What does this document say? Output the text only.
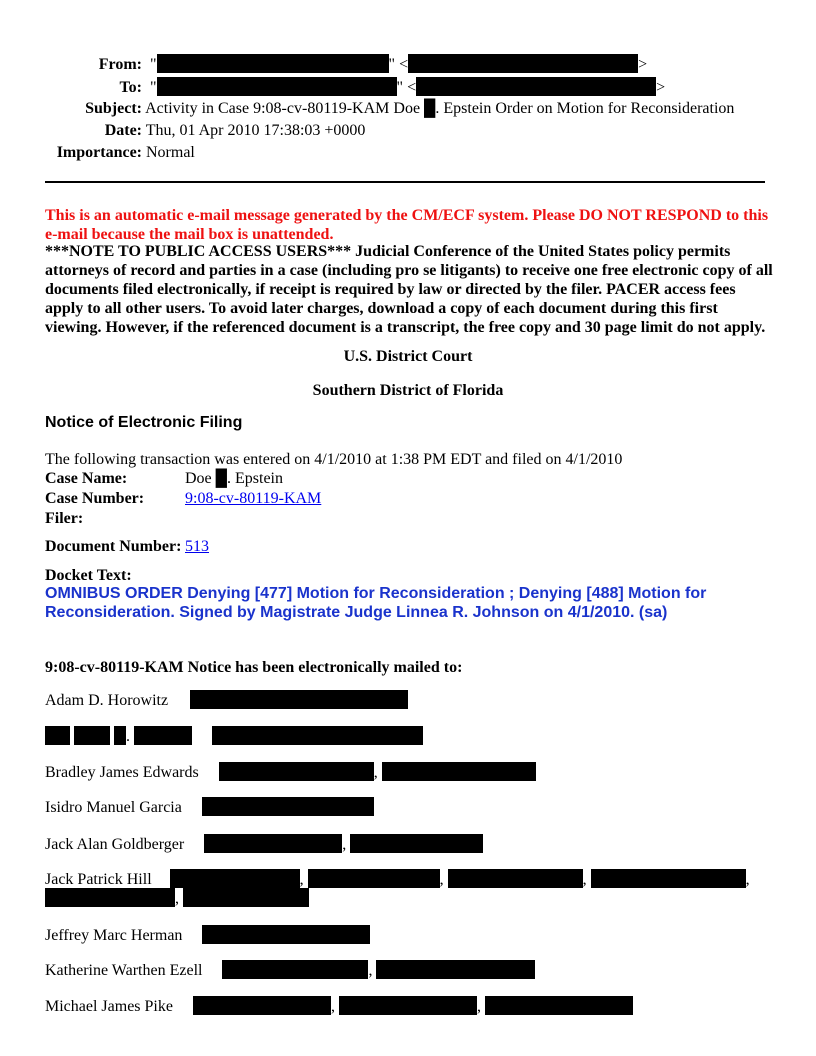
From:  "	" <	>
To:  "	" <	>
Subject: Activity in Case 9:08-cv-80119-KAM Doe █. Epstein Order on Motion for Reconsideration
Date: Thu, 01 Apr 2010 17:38:03 +0000
Importance: Normal
This is an automatic e-mail message generated by the CM/ECF system. Please DO NOT RESPOND to this e-mail because the mail box is unattended.
***NOTE TO PUBLIC ACCESS USERS*** Judicial Conference of the United States policy permits attorneys of record and parties in a case (including pro se litigants) to receive one free electronic copy of all documents filed electronically, if receipt is required by law or directed by the filer. PACER access fees apply to all other users. To avoid later charges, download a copy of each document during this first viewing. However, if the referenced document is a transcript, the free copy and 30 page limit do not apply.
U.S. District Court
Southern District of Florida
Notice of Electronic Filing
The following transaction was entered on 4/1/2010 at 1:38 PM EDT and filed on 4/1/2010
Case Name:	Doe █. Epstein
Case Number:	9:08-cv-80119-KAM
Filer:	
Document Number:	513
Docket Text:
OMNIBUS ORDER Denying [477] Motion for Reconsideration ; Denying [488] Motion for Reconsideration. Signed by Magistrate Judge Linnea R. Johnson on 4/1/2010. (sa)
9:08-cv-80119-KAM Notice has been electronically mailed to:
Adam D. Horowitz
.
Bradley James Edwards	,
Isidro Manuel Garcia
Jack Alan Goldberger	,
Jack Patrick Hill	,	,	,	,
,
Jeffrey Marc Herman
Katherine Warthen Ezell	,
Michael James Pike	,	,
